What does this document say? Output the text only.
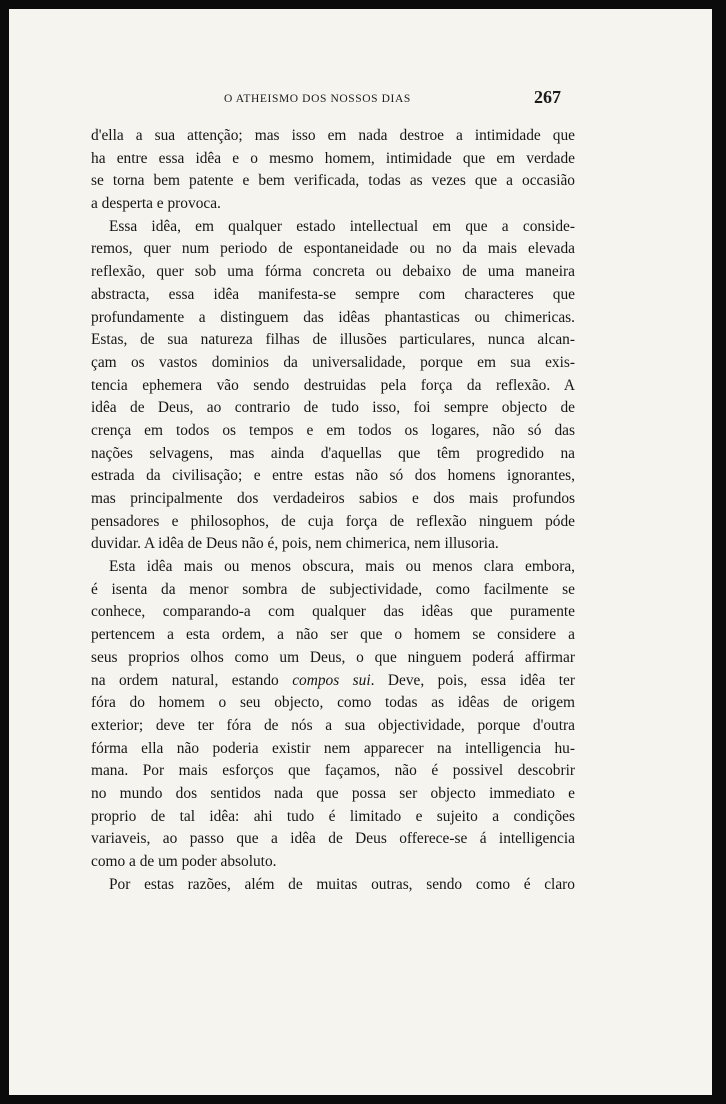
O ATHEISMO DOS NOSSOS DIAS	267
d'ella a sua attenção; mas isso em nada destroe a intimidade que
ha entre essa idêa e o mesmo homem, intimidade que em verdade
se torna bem patente e bem verificada, todas as vezes que a occasião
a desperta e provoca.
Essa idêa, em qualquer estado intellectual em que a conside-
remos, quer num periodo de espontaneidade ou no da mais elevada
reflexão, quer sob uma fórma concreta ou debaixo de uma maneira
abstracta, essa idêa manifesta-se sempre com characteres que
profundamente a distinguem das idêas phantasticas ou chimericas.
Estas, de sua natureza filhas de illusões particulares, nunca alcan-
çam os vastos dominios da universalidade, porque em sua exis-
tencia ephemera vão sendo destruidas pela força da reflexão. A
idêa de Deus, ao contrario de tudo isso, foi sempre objecto de
crença em todos os tempos e em todos os logares, não só das
nações selvagens, mas ainda d'aquellas que têm progredido na
estrada da civilisação; e entre estas não só dos homens ignorantes,
mas principalmente dos verdadeiros sabios e dos mais profundos
pensadores e philosophos, de cuja força de reflexão ninguem póde
duvidar. A idêa de Deus não é, pois, nem chimerica, nem illusoria.
Esta idêa mais ou menos obscura, mais ou menos clara embora,
é isenta da menor sombra de subjectividade, como facilmente se
conhece, comparando-a com qualquer das idêas que puramente
pertencem a esta ordem, a não ser que o homem se considere a
seus proprios olhos como um Deus, o que ninguem poderá affirmar
na ordem natural, estando compos sui. Deve, pois, essa idêa ter
fóra do homem o seu objecto, como todas as idêas de origem
exterior; deve ter fóra de nós a sua objectividade, porque d'outra
fórma ella não poderia existir nem apparecer na intelligencia hu-
mana. Por mais esforços que façamos, não é possivel descobrir
no mundo dos sentidos nada que possa ser objecto immediato e
proprio de tal idêa: ahi tudo é limitado e sujeito a condições
variaveis, ao passo que a idêa de Deus offerece-se á intelligencia
como a de um poder absoluto.
Por estas razões, além de muitas outras, sendo como é claro
